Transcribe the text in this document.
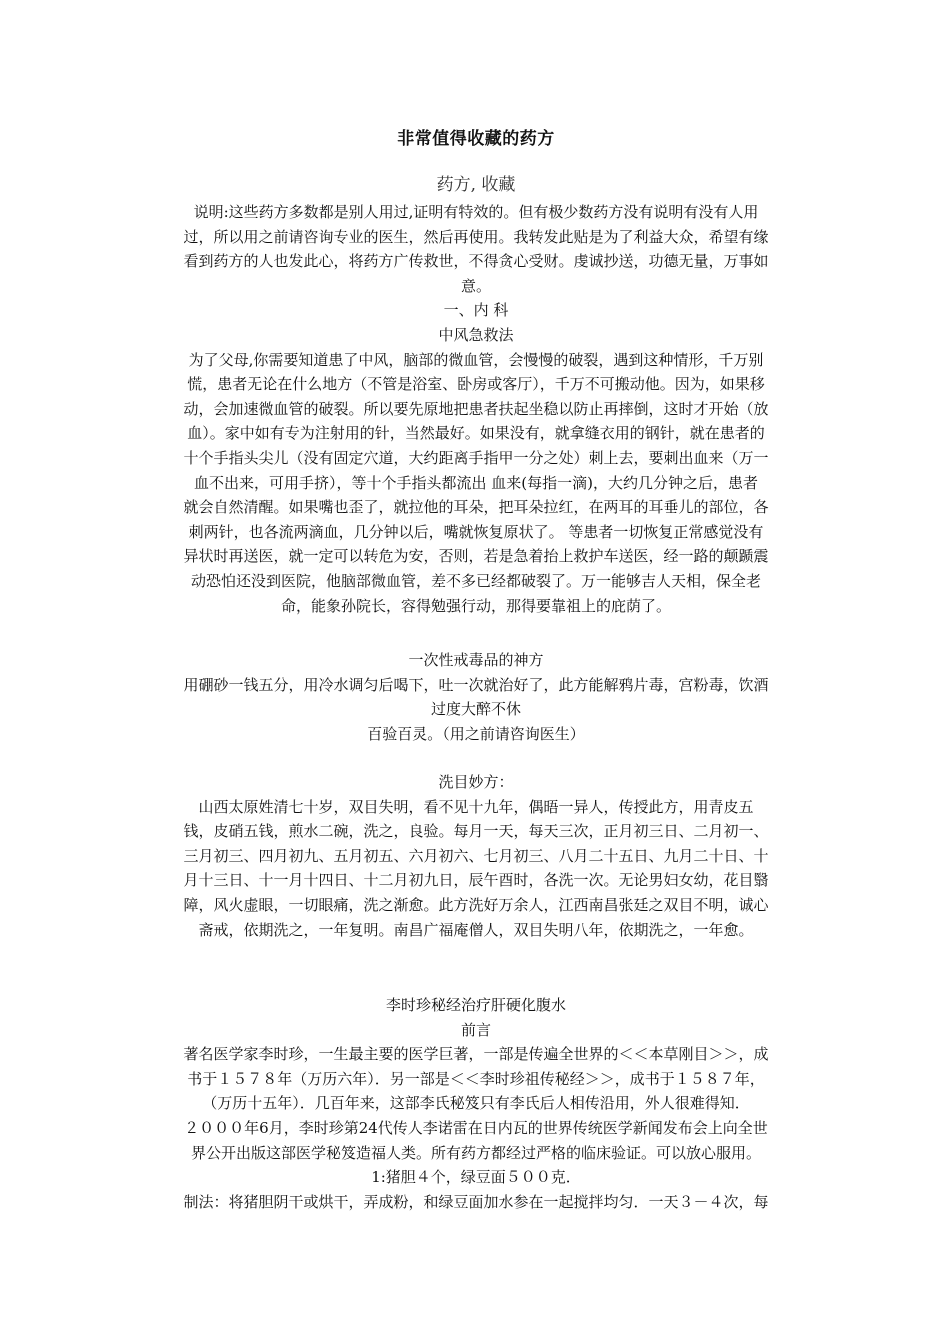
非常值得收藏的药方
药方, 收藏
说明:这些药方多数都是别人用过,证明有特效的。但有极少数药方没有说明有没有人用
过，所以用之前请咨询专业的医生，然后再使用。我转发此贴是为了利益大众，希望有缘
看到药方的人也发此心，将药方广传救世，不得贪心受财。虔诚抄送，功德无量，万事如
意。
一、内 科
中风急救法
为了父母,你需要知道患了中风，脑部的微血管，会慢慢的破裂，遇到这种情形，千万别
慌，患者无论在什么地方（不管是浴室、卧房或客厅），千万不可搬动他。因为，如果移
动，会加速微血管的破裂。所以要先原地把患者扶起坐稳以防止再摔倒，这时才开始（放
血）。家中如有专为注射用的针，当然最好。如果没有，就拿缝衣用的钢针，就在患者的
十个手指头尖儿（没有固定穴道，大约距离手指甲一分之处）刺上去，要刺出血来（万一
血不出来，可用手挤），等十个手指头都流出 血来(每指一滴)，大约几分钟之后，患者
就会自然清醒。如果嘴也歪了，就拉他的耳朵，把耳朵拉红，在两耳的耳垂儿的部位，各
刺两针，也各流两滴血，几分钟以后，嘴就恢复原状了。 等患者一切恢复正常感觉没有
异状时再送医，就一定可以转危为安，否则，若是急着抬上救护车送医，经一路的颠踬震
动恐怕还没到医院，他脑部微血管，差不多已经都破裂了。万一能够吉人天相，保全老
命，能象孙院长，容得勉强行动，那得要靠祖上的庇荫了。
一次性戒毒品的神方
用硼砂一钱五分，用冷水调匀后喝下，吐一次就治好了，此方能解鸦片毒，宫粉毒，饮酒
过度大醉不休
百验百灵。（用之前请咨询医生）
洗目妙方：
山西太原姓清七十岁，双目失明，看不见十九年，偶晤一异人，传授此方，用青皮五
钱，皮硝五钱，煎水二碗，洗之，良验。每月一天，每天三次，正月初三日、二月初一、
三月初三、四月初九、五月初五、六月初六、七月初三、八月二十五日、九月二十日、十
月十三日、十一月十四日、十二月初九日，辰午酉时，各洗一次。无论男妇女幼，花目翳
障，风火虚眼，一切眼痛，洗之渐愈。此方洗好万余人，江西南昌张廷之双目不明，诚心
斋戒，依期洗之，一年复明。南昌广福庵僧人，双目失明八年，依期洗之，一年愈。
李时珍秘经治疗肝硬化腹水
前言
著名医学家李时珍，一生最主要的医学巨著，一部是传遍全世界的＜＜本草刚目＞＞，成
书于１５７８年（万历六年）．另一部是＜＜李时珍祖传秘经＞＞，成书于１５８７年，
（万历十五年）．几百年来，这部李氏秘笈只有李氏后人相传沿用，外人很难得知．
２０００年6月，李时珍第24代传人李诺雷在日内瓦的世界传统医学新闻发布会上向全世
界公开出版这部医学秘笈造福人类。所有药方都经过严格的临床验证。可以放心服用。
1:猪胆４个，绿豆面５００克．
制法：将猪胆阴干或烘干，弄成粉，和绿豆面加水参在一起搅拌均匀．一天３－４次，每
